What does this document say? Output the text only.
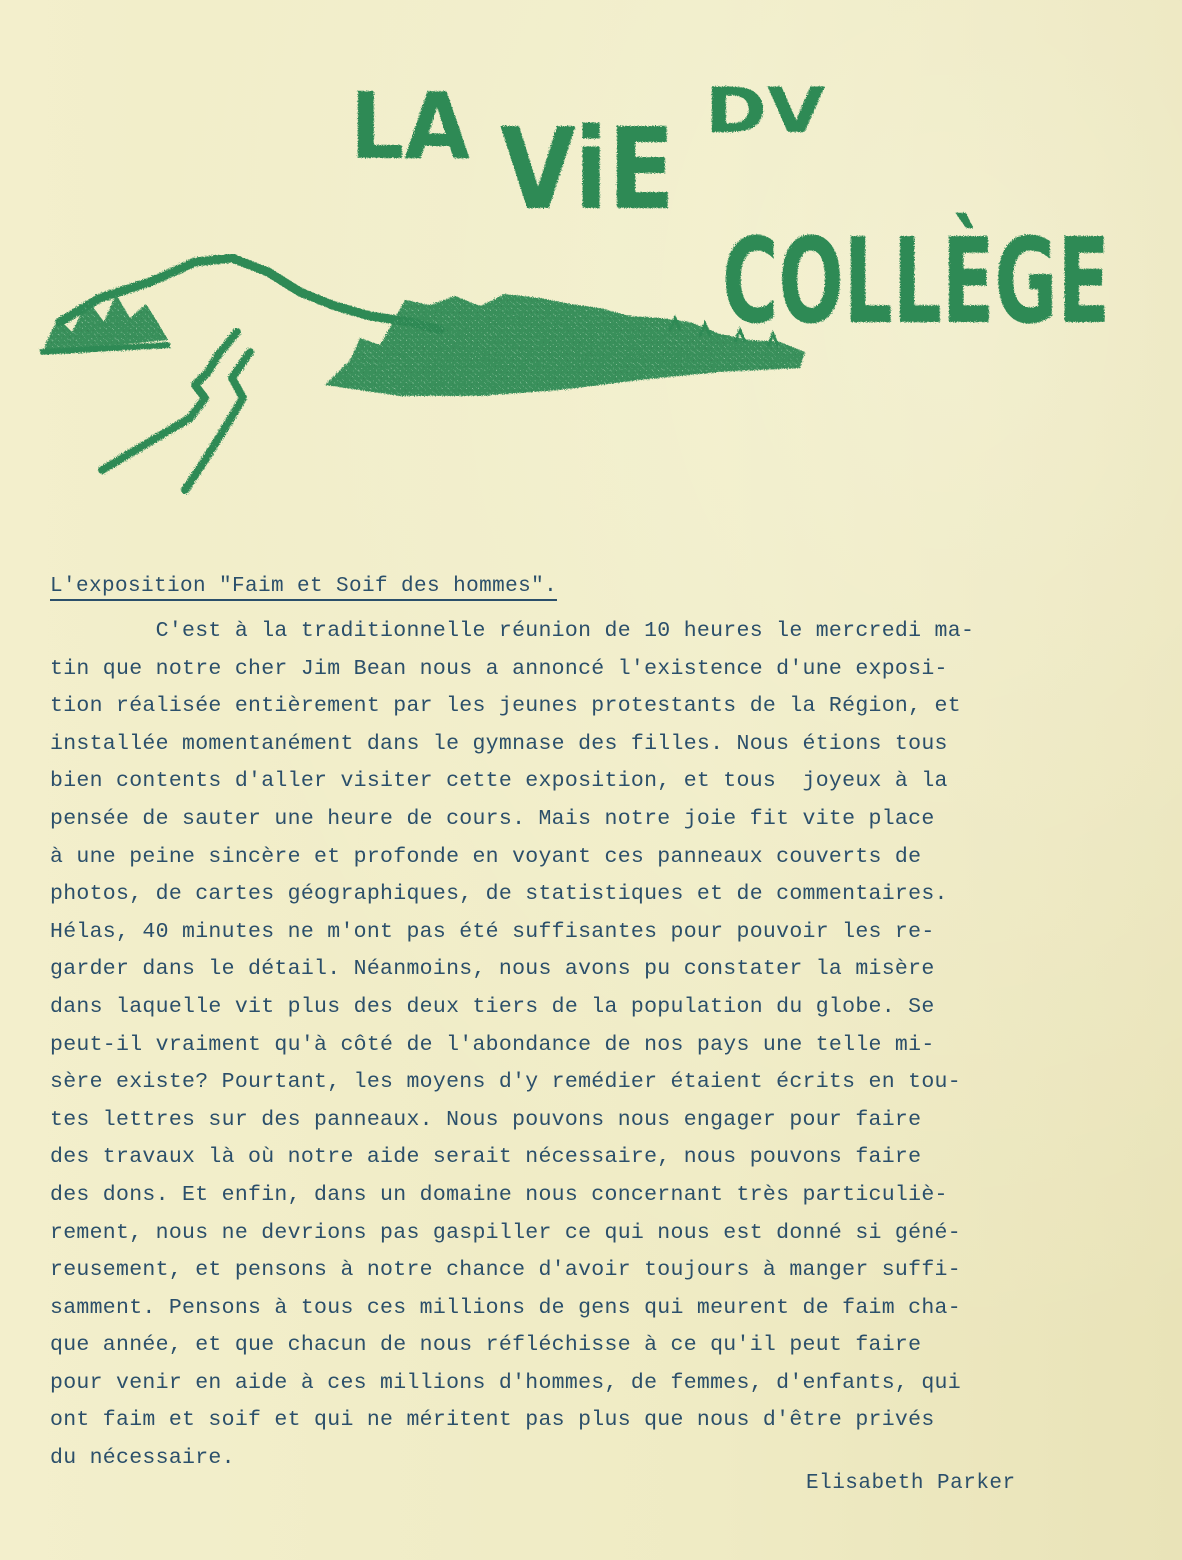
LA ViE DV
COLLÈGE
L'exposition "Faim et Soif des hommes".
C'est à la traditionnelle réunion de 10 heures le mercredi ma-
tin que notre cher Jim Bean nous a annoncé l'existence d'une exposi-
tion réalisée entièrement par les jeunes protestants de la Région, et
installée momentanément dans le gymnase des filles. Nous étions tous
bien contents d'aller visiter cette exposition, et tous  joyeux à la
pensée de sauter une heure de cours. Mais notre joie fit vite place
à une peine sincère et profonde en voyant ces panneaux couverts de
photos, de cartes géographiques, de statistiques et de commentaires.
Hélas, 40 minutes ne m'ont pas été suffisantes pour pouvoir les re-
garder dans le détail. Néanmoins, nous avons pu constater la misère
dans laquelle vit plus des deux tiers de la population du globe. Se
peut-il vraiment qu'à côté de l'abondance de nos pays une telle mi-
sère existe? Pourtant, les moyens d'y remédier étaient écrits en tou-
tes lettres sur des panneaux. Nous pouvons nous engager pour faire
des travaux là où notre aide serait nécessaire, nous pouvons faire
des dons. Et enfin, dans un domaine nous concernant très particuliè-
rement, nous ne devrions pas gaspiller ce qui nous est donné si géné-
reusement, et pensons à notre chance d'avoir toujours à manger suffi-
samment. Pensons à tous ces millions de gens qui meurent de faim cha-
que année, et que chacun de nous réfléchisse à ce qu'il peut faire
pour venir en aide à ces millions d'hommes, de femmes, d'enfants, qui
ont faim et soif et qui ne méritent pas plus que nous d'être privés
du nécessaire.
Elisabeth Parker
